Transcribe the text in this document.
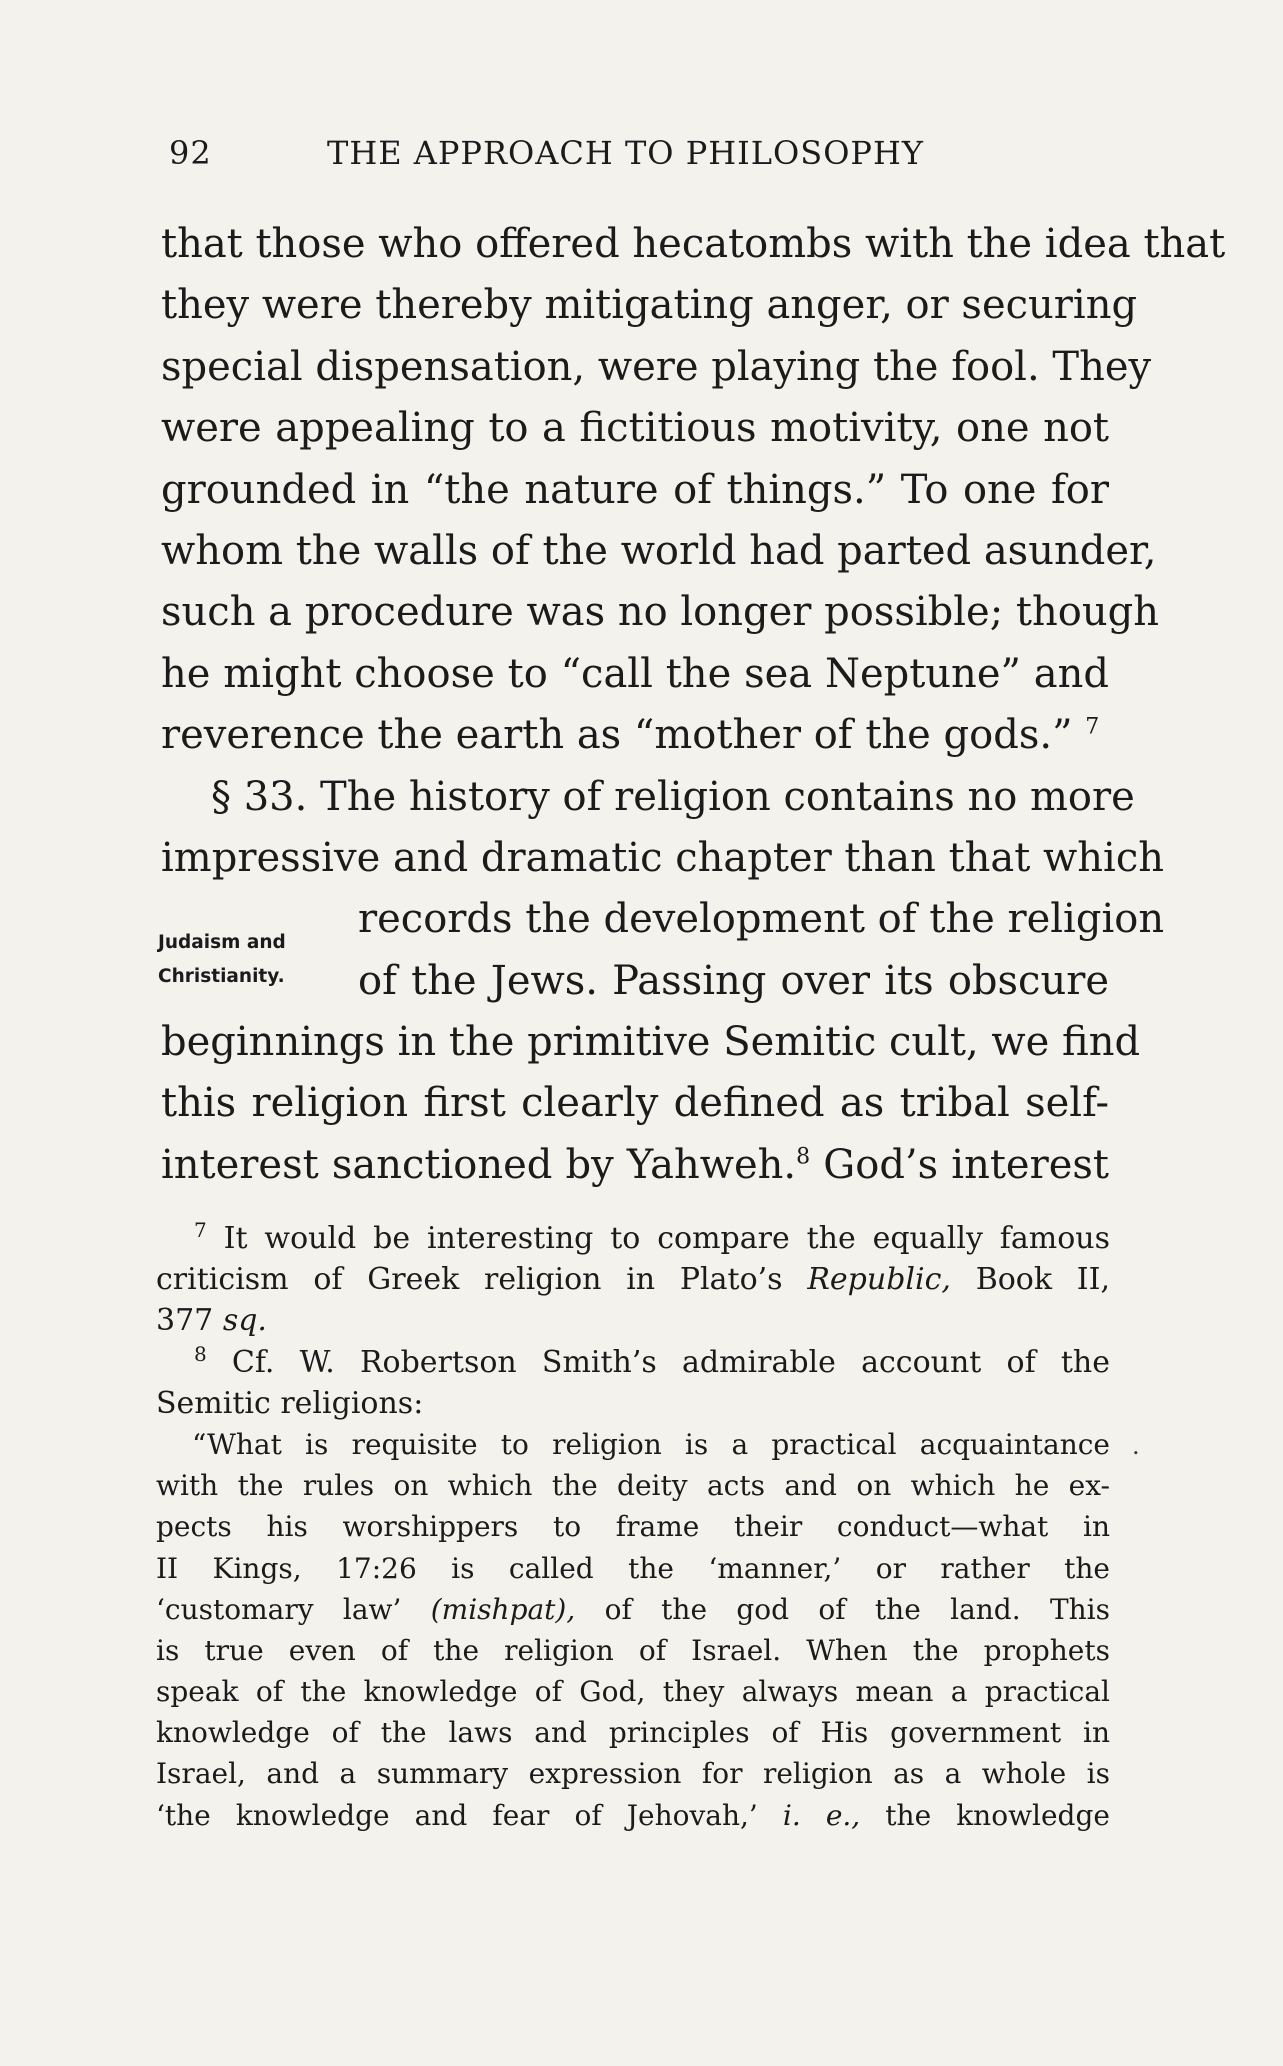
92	THE APPROACH TO PHILOSOPHY
that those who offered hecatombs with the idea that
they were thereby mitigating anger, or securing
special dispensation, were playing the fool. They
were appealing to a fictitious motivity, one not
grounded in “the nature of things.” To one for
whom the walls of the world had parted asunder,
such a procedure was no longer possible; though
he might choose to “call the sea Neptune” and
reverence the earth as “mother of the gods.” $^7$
§ 33. The history of religion contains no more
impressive and dramatic chapter than that which
records the development of the religion
of the Jews. Passing over its obscure
beginnings in the primitive Semitic cult, we find
this religion first clearly defined as tribal self-
interest sanctioned by Yahweh.$^8$ God’s interest
Judaism and
Christianity.
$^7$ It would be interesting to compare the equally famous
criticism of Greek religion in Plato’s Republic, Book II,
377 sq.
$^8$ Cf. W. Robertson Smith’s admirable account of the
Semitic religions:
“What is requisite to religion is a practical acquaintance
with the rules on which the deity acts and on which he ex-
pects his worshippers to frame their conduct—what in
II Kings, 17:26 is called the ‘manner,’ or rather the
‘customary law’ (mishpat), of the god of the land. This
is true even of the religion of Israel. When the prophets
speak of the knowledge of God, they always mean a practical
knowledge of the laws and principles of His government in
Israel, and a summary expression for religion as a whole is
‘the knowledge and fear of Jehovah,’ i. e., the knowledge
.
